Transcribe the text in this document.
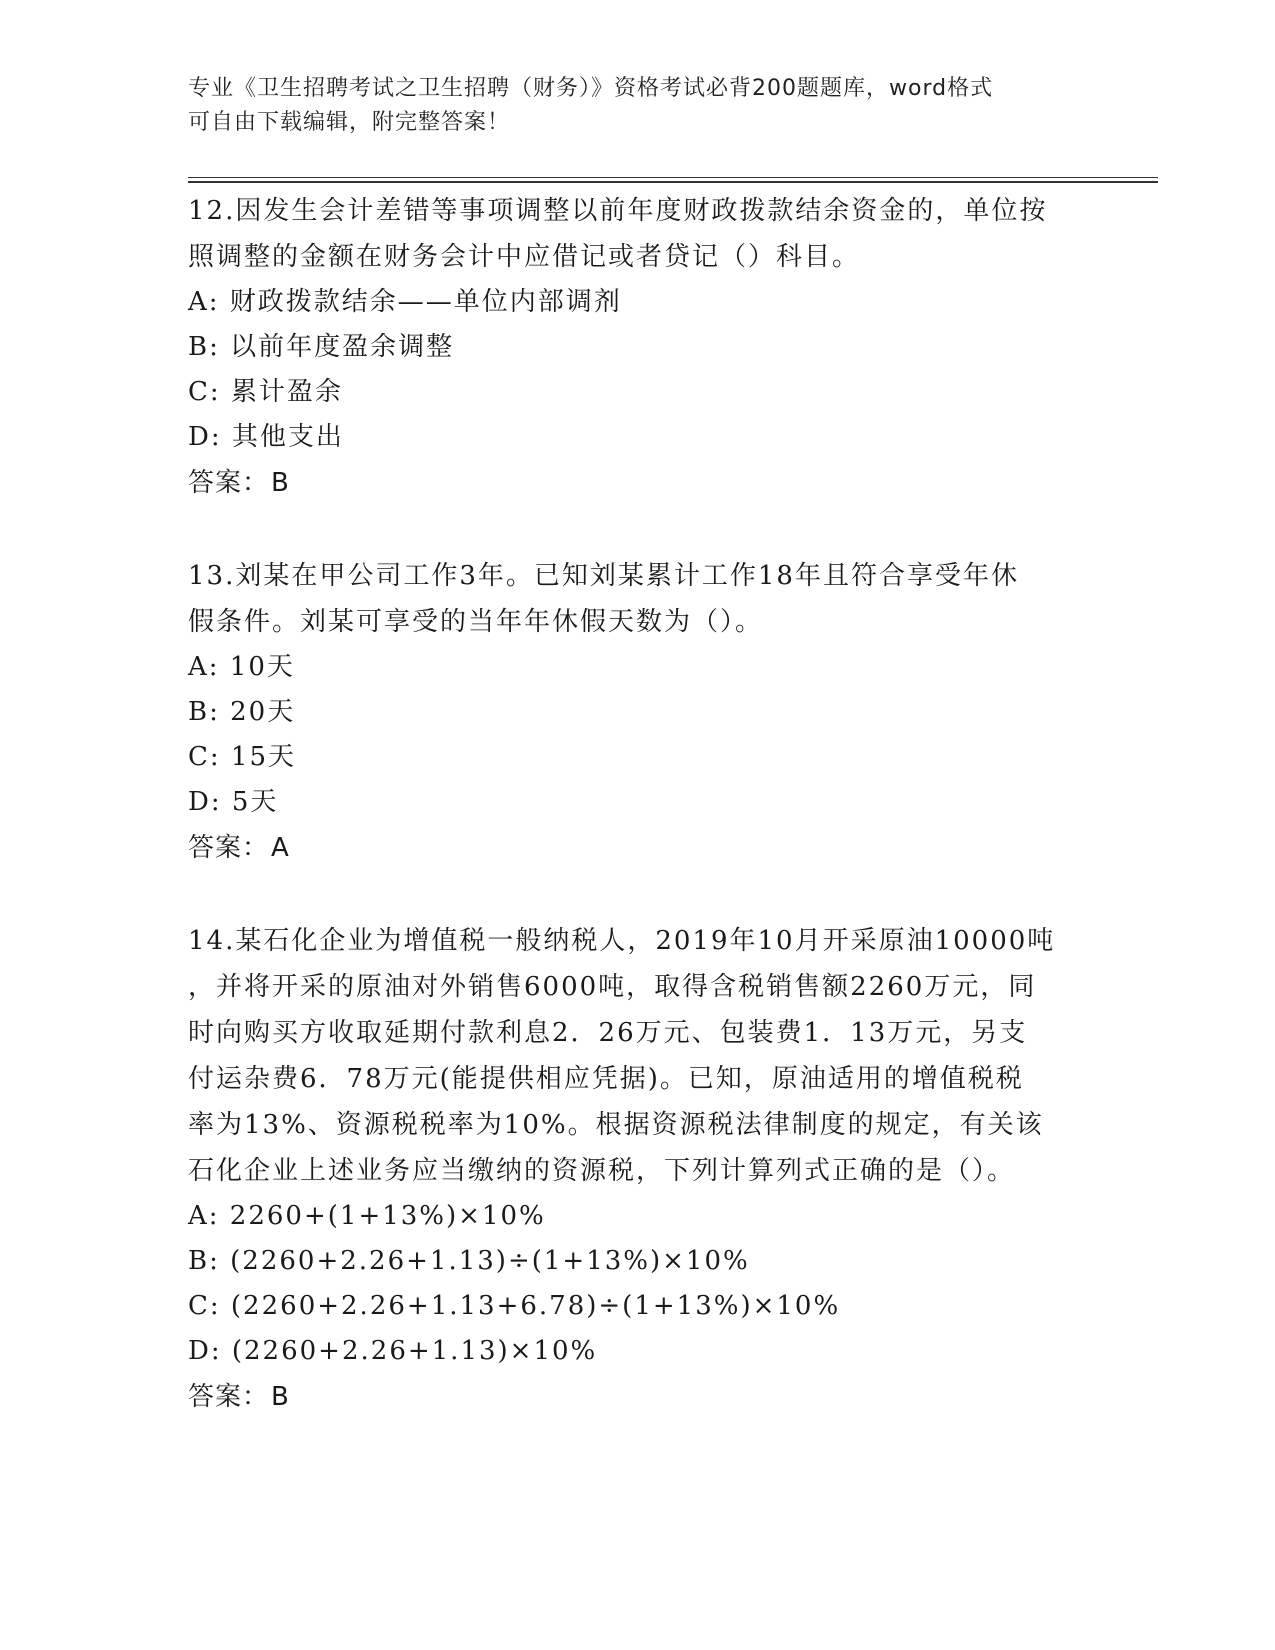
专业《卫生招聘考试之卫生招聘（财务）》资格考试必背200题题库，word格式
可自由下载编辑，附完整答案！

12.因发生会计差错等事项调整以前年度财政拨款结余资金的，单位按

照调整的金额在财务会计中应借记或者贷记（）科目。

A: 财政拨款结余——单位内部调剂

B: 以前年度盈余调整

C: 累计盈余

D: 其他支出

答案：B

13.刘某在甲公司工作3年。已知刘某累计工作18年且符合享受年休

假条件。刘某可享受的当年年休假天数为（）。

A: 10天

B: 20天

C: 15天

D: 5天

答案：A

14.某石化企业为增值税一般纳税人，2019年10月开采原油10000吨

，并将开采的原油对外销售6000吨，取得含税销售额2260万元，同

时向购买方收取延期付款利息2．26万元、包装费1．13万元，另支

付运杂费6．78万元(能提供相应凭据)。已知，原油适用的增值税税

率为13%、资源税税率为10%。根据资源税法律制度的规定，有关该

石化企业上述业务应当缴纳的资源税，下列计算列式正确的是（）。

A: 2260+(1+13%)×10%

B: (2260+2.26+1.13)÷(1+13%)×10%

C: (2260+2.26+1.13+6.78)÷(1+13%)×10%

D: (2260+2.26+1.13)×10%

答案：B
